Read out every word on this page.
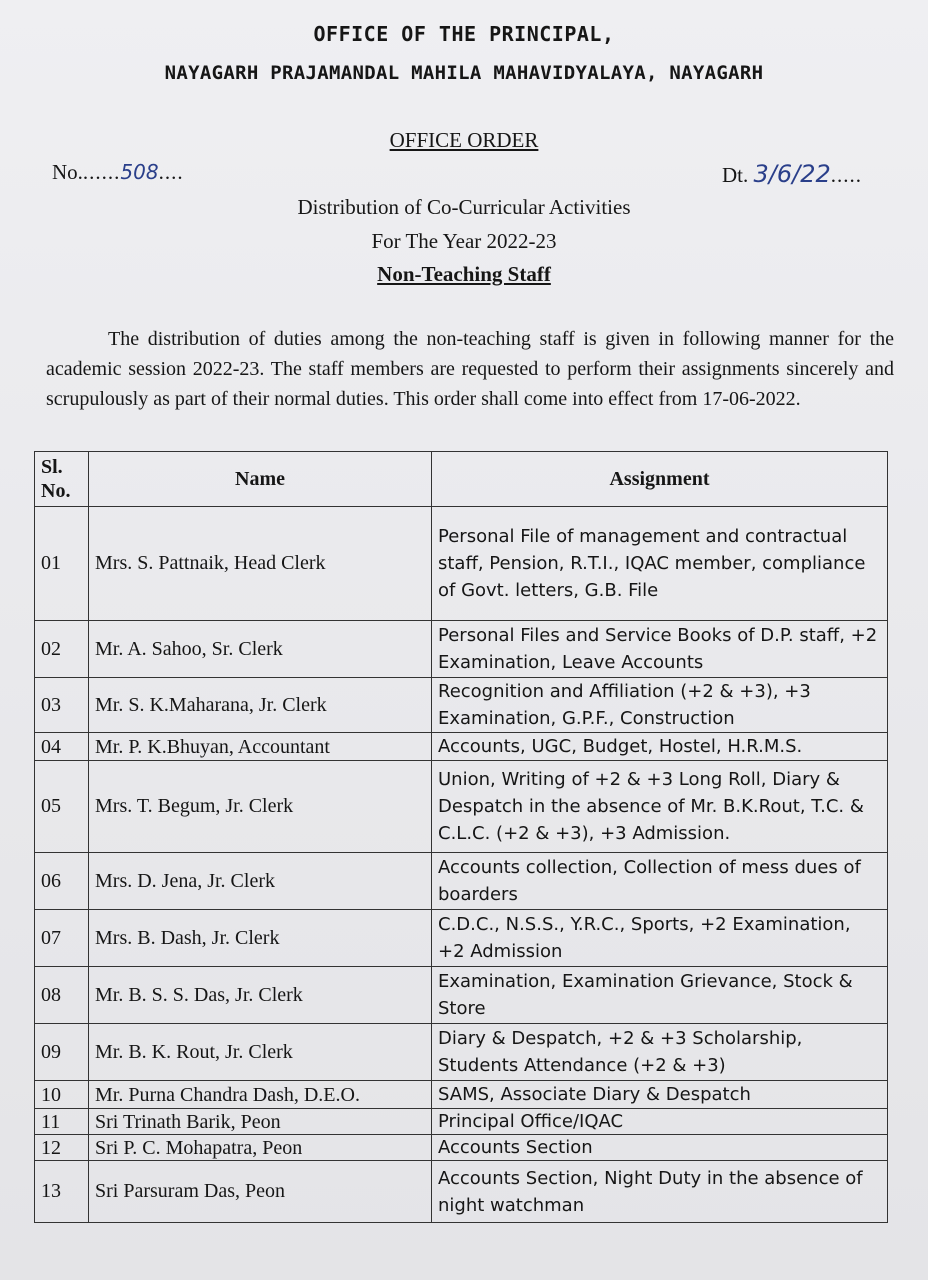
OFFICE OF THE PRINCIPAL,
NAYAGARH PRAJAMANDAL MAHILA MAHAVIDYALAYA, NAYAGARH
OFFICE ORDER
No.......508....	Dt. 3/6/22.....
Distribution of Co-Curricular Activities
For The Year 2022-23
Non-Teaching Staff
The distribution of duties among the non-teaching staff is given in following manner for the academic session 2022-23. The staff members are requested to perform their assignments sincerely and scrupulously as part of their normal duties. This order shall come into effect from 17-06-2022.
Sl. No.	Name	Assignment
01	Mrs. S. Pattnaik, Head Clerk	Personal File of management and contractual staff, Pension, R.T.I., IQAC member, compliance of Govt. letters, G.B. File
02	Mr. A. Sahoo, Sr. Clerk	Personal Files and Service Books of D.P. staff, +2 Examination, Leave Accounts
03	Mr. S. K.Maharana, Jr. Clerk	Recognition and Affiliation (+2 & +3), +3 Examination, G.P.F., Construction
04	Mr. P. K.Bhuyan, Accountant	Accounts, UGC, Budget, Hostel, H.R.M.S.
05	Mrs. T. Begum, Jr. Clerk	Union, Writing of +2 & +3 Long Roll, Diary & Despatch in the absence of Mr. B.K.Rout, T.C. & C.L.C. (+2 & +3), +3 Admission.
06	Mrs. D. Jena, Jr. Clerk	Accounts collection, Collection of mess dues of boarders
07	Mrs. B. Dash, Jr. Clerk	C.D.C., N.S.S., Y.R.C., Sports, +2 Examination, +2 Admission
08	Mr. B. S. S. Das, Jr. Clerk	Examination, Examination Grievance, Stock & Store
09	Mr. B. K. Rout, Jr. Clerk	Diary & Despatch, +2 & +3 Scholarship, Students Attendance (+2 & +3)
10	Mr. Purna Chandra Dash, D.E.O.	SAMS, Associate Diary & Despatch
11	Sri Trinath Barik, Peon	Principal Office/IQAC
12	Sri P. C. Mohapatra, Peon	Accounts Section
13	Sri Parsuram Das, Peon	Accounts Section, Night Duty in the absence of night watchman
